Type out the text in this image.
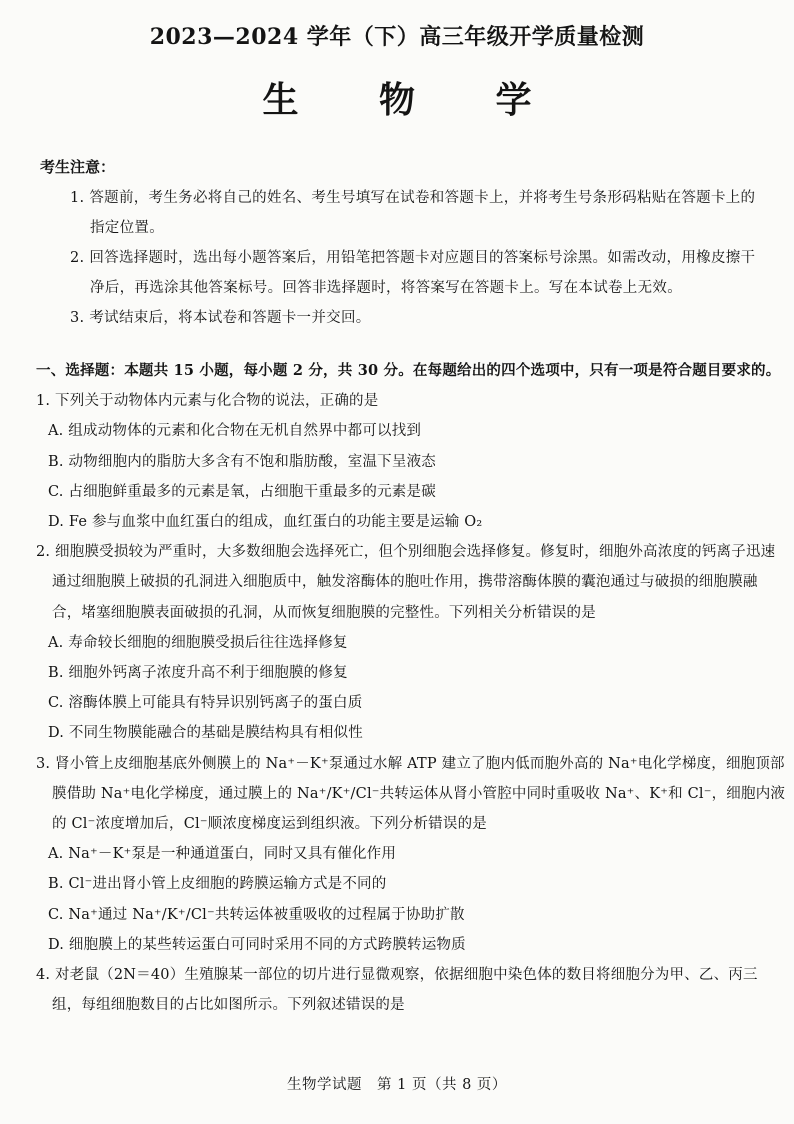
2023—2024 学年（下）高三年级开学质量检测
生 物 学
考生注意：

1. 答题前，考生务必将自己的姓名、考生号填写在试卷和答题卡上，并将考生号条形码粘贴在答题卡上的指定位置。

2. 回答选择题时，选出每小题答案后，用铅笔把答题卡对应题目的答案标号涂黑。如需改动，用橡皮擦干净后，再选涂其他答案标号。回答非选择题时，将答案写在答题卡上。写在本试卷上无效。

3. 考试结束后，将本试卷和答题卡一并交回。

一、选择题：本题共 15 小题，每小题 2 分，共 30 分。在每题给出的四个选项中，只有一项是符合题目要求的。

1. 下列关于动物体内元素与化合物的说法，正确的是

A. 组成动物体的元素和化合物在无机自然界中都可以找到

B. 动物细胞内的脂肪大多含有不饱和脂肪酸，室温下呈液态

C. 占细胞鲜重最多的元素是氧，占细胞干重最多的元素是碳

D. Fe 参与血浆中血红蛋白的组成，血红蛋白的功能主要是运输 O₂

2. 细胞膜受损较为严重时，大多数细胞会选择死亡，但个别细胞会选择修复。修复时，细胞外高浓度的钙离子迅速通过细胞膜上破损的孔洞进入细胞质中，触发溶酶体的胞吐作用，携带溶酶体膜的囊泡通过与破损的细胞膜融合，堵塞细胞膜表面破损的孔洞，从而恢复细胞膜的完整性。下列相关分析错误的是

A. 寿命较长细胞的细胞膜受损后往往选择修复

B. 细胞外钙离子浓度升高不利于细胞膜的修复

C. 溶酶体膜上可能具有特异识别钙离子的蛋白质

D. 不同生物膜能融合的基础是膜结构具有相似性

3. 肾小管上皮细胞基底外侧膜上的 Na⁺－K⁺泵通过水解 ATP 建立了胞内低而胞外高的 Na⁺电化学梯度，细胞顶部膜借助 Na⁺电化学梯度，通过膜上的 Na⁺/K⁺/Cl⁻共转运体从肾小管腔中同时重吸收 Na⁺、K⁺和 Cl⁻，细胞内液的 Cl⁻浓度增加后，Cl⁻顺浓度梯度运到组织液。下列分析错误的是

A. Na⁺－K⁺泵是一种通道蛋白，同时又具有催化作用

B. Cl⁻进出肾小管上皮细胞的跨膜运输方式是不同的

C. Na⁺通过 Na⁺/K⁺/Cl⁻共转运体被重吸收的过程属于协助扩散

D. 细胞膜上的某些转运蛋白可同时采用不同的方式跨膜转运物质

4. 对老鼠（2N＝40）生殖腺某一部位的切片进行显微观察，依据细胞中染色体的数目将细胞分为甲、乙、丙三组，每组细胞数目的占比如图所示。下列叙述错误的是

生物学试题　第 1 页（共 8 页）
